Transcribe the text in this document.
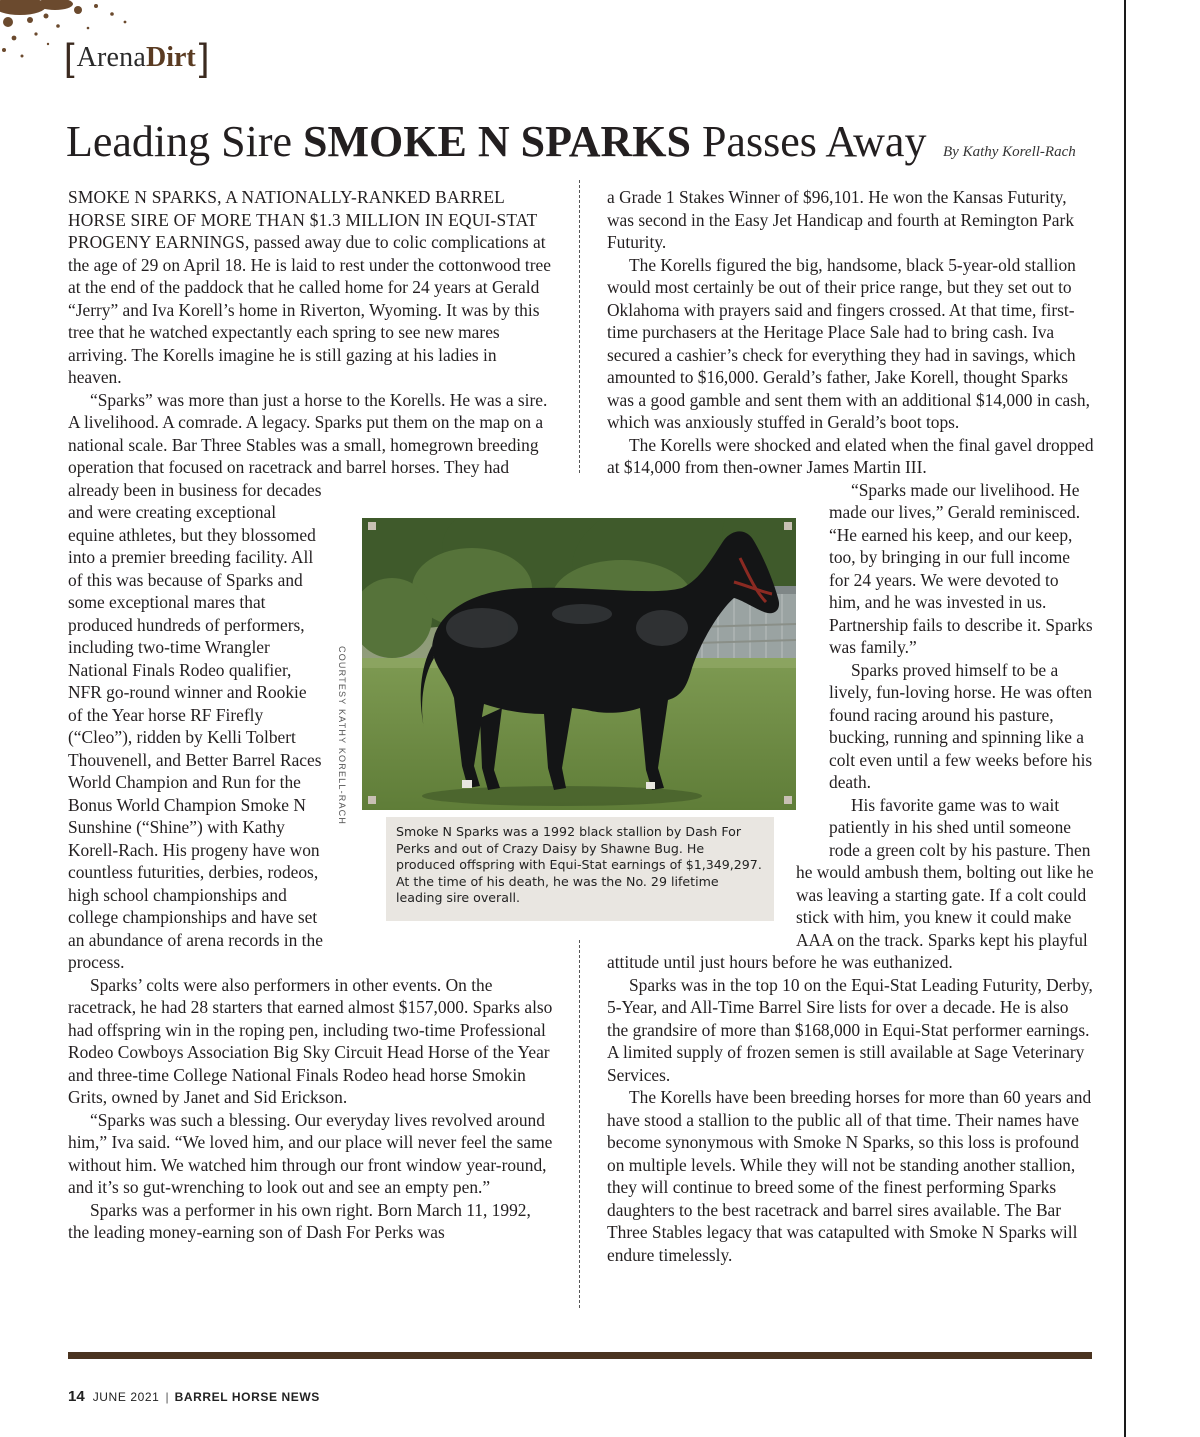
[ Arena Dirt ]
Leading Sire SMOKE N SPARKS Passes Away By Kathy Korell-Rach

SMOKE N SPARKS, A NATIONALLY-RANKED BARREL HORSE SIRE OF MORE THAN $1.3 MILLION IN EQUI-STAT PROGENY EARNINGS, passed away due to colic complications at the age of 29 on April 18. He is laid to rest under the cottonwood tree at the end of the paddock that he called home for 24 years at Gerald “Jerry” and Iva Korell’s home in Riverton, Wyoming. It was by this tree that he watched expectantly each spring to see new mares arriving. The Korells imagine he is still gazing at his ladies in heaven.

“Sparks” was more than just a horse to the Korells. He was a sire. A livelihood. A comrade. A legacy. Sparks put them on the map on a national scale. Bar Three Stables was a small, homegrown breeding operation that focused on racetrack and barrel horses. They had already been in business for decades and were creating exceptional equine athletes, but they blossomed into a premier breeding facility. All of this was because of Sparks and some exceptional mares that produced hundreds of performers, including two-time Wrangler National Finals Rodeo qualifier, NFR go-round winner and Rookie of the Year horse RF Firefly (“Cleo”), ridden by Kelli Tolbert Thouvenell, and Better Barrel Races World Champion and Run for the Bonus World Champion Smoke N Sunshine (“Shine”) with Kathy Korell-Rach. His progeny have won countless futurities, derbies, rodeos, high school championships and college championships and have set an abundance of arena records in the process.

Sparks’ colts were also performers in other events. On the racetrack, he had 28 starters that earned almost $157,000. Sparks also had offspring win in the roping pen, including two-time Professional Rodeo Cowboys Association Big Sky Circuit Head Horse of the Year and three-time College National Finals Rodeo head horse Smokin Grits, owned by Janet and Sid Erickson.

“Sparks was such a blessing. Our everyday lives revolved around him,” Iva said. “We loved him, and our place will never feel the same without him. We watched him through our front window year-round, and it’s so gut-wrenching to look out and see an empty pen.”

Sparks was a performer in his own right. Born March 11, 1992, the leading money-earning son of Dash For Perks was

a Grade 1 Stakes Winner of $96,101. He won the Kansas Futurity, was second in the Easy Jet Handicap and fourth at Remington Park Futurity.

The Korells figured the big, handsome, black 5-year-old stallion would most certainly be out of their price range, but they set out to Oklahoma with prayers said and fingers crossed. At that time, first-time purchasers at the Heritage Place Sale had to bring cash. Iva secured a cashier’s check for everything they had in savings, which amounted to $16,000. Gerald’s father, Jake Korell, thought Sparks was a good gamble and sent them with an additional $14,000 in cash, which was anxiously stuffed in Gerald’s boot tops.

The Korells were shocked and elated when the final gavel dropped at $14,000 from then-owner James Martin III.

“Sparks made our livelihood. He made our lives,” Gerald reminisced. “He earned his keep, and our keep, too, by bringing in our full income for 24 years. We were devoted to him, and he was invested in us. Partnership fails to describe it. Sparks was family.”

Sparks proved himself to be a lively, fun-loving horse. He was often found racing around his pasture, bucking, running and spinning like a colt even until a few weeks before his death.

His favorite game was to wait patiently in his shed until someone rode a green colt by his pasture. Then he would ambush them, bolting out like he was leaving a starting gate. If a colt could stick with him, you knew it could make AAA on the track. Sparks kept his playful attitude until just hours before he was euthanized.

Sparks was in the top 10 on the Equi-Stat Leading Futurity, Derby, 5-Year, and All-Time Barrel Sire lists for over a decade. He is also the grandsire of more than $168,000 in Equi-Stat performer earnings. A limited supply of frozen semen is still available at Sage Veterinary Services.

The Korells have been breeding horses for more than 60 years and have stood a stallion to the public all of that time. Their names have become synonymous with Smoke N Sparks, so this loss is profound on multiple levels. While they will not be standing another stallion, they will continue to breed some of the finest performing Sparks daughters to the best racetrack and barrel sires available. The Bar Three Stables legacy that was catapulted with Smoke N Sparks will endure timelessly.

COURTESY KATHY KORELL-RACH
Smoke N Sparks was a 1992 black stallion by Dash For Perks and out of Crazy Daisy by Shawne Bug. He produced offspring with Equi-Stat earnings of $1,349,297. At the time of his death, he was the No. 29 lifetime leading sire overall.
14 JUNE 2021 | BARREL HORSE NEWS
